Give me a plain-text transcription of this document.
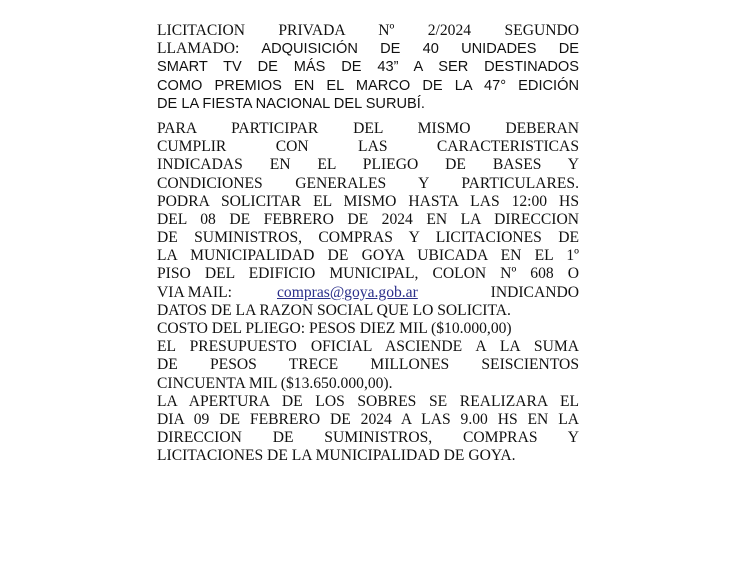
LICITACION PRIVADA Nº 2/2024 SEGUNDO
LLAMADO: ADQUISICIÓN DE 40 UNIDADES DE
SMART TV DE MÁS DE 43” A SER DESTINADOS
COMO PREMIOS EN EL MARCO DE LA 47° EDICIÓN
DE LA FIESTA NACIONAL DEL SURUBÍ.
PARA PARTICIPAR DEL MISMO DEBERAN
CUMPLIR CON LAS CARACTERISTICAS
INDICADAS EN EL PLIEGO DE BASES Y
CONDICIONES GENERALES Y PARTICULARES.
PODRA SOLICITAR EL MISMO HASTA LAS 12:00 HS
DEL 08 DE FEBRERO DE 2024 EN LA DIRECCION
DE SUMINISTROS, COMPRAS Y LICITACIONES DE
LA MUNICIPALIDAD DE GOYA UBICADA EN EL 1º
PISO DEL EDIFICIO MUNICIPAL, COLON Nº 608 O
VIA MAIL:	compras@goya.gob.ar	INDICANDO
DATOS DE LA RAZON SOCIAL QUE LO SOLICITA.
COSTO DEL PLIEGO: PESOS DIEZ MIL ($10.000,00)
EL PRESUPUESTO OFICIAL ASCIENDE A LA SUMA
DE PESOS TRECE MILLONES SEISCIENTOS
CINCUENTA MIL ($13.650.000,00).
LA APERTURA DE LOS SOBRES SE REALIZARA EL
DIA 09 DE FEBRERO DE 2024 A LAS 9.00 HS EN LA
DIRECCION DE SUMINISTROS, COMPRAS Y
LICITACIONES DE LA MUNICIPALIDAD DE GOYA.
